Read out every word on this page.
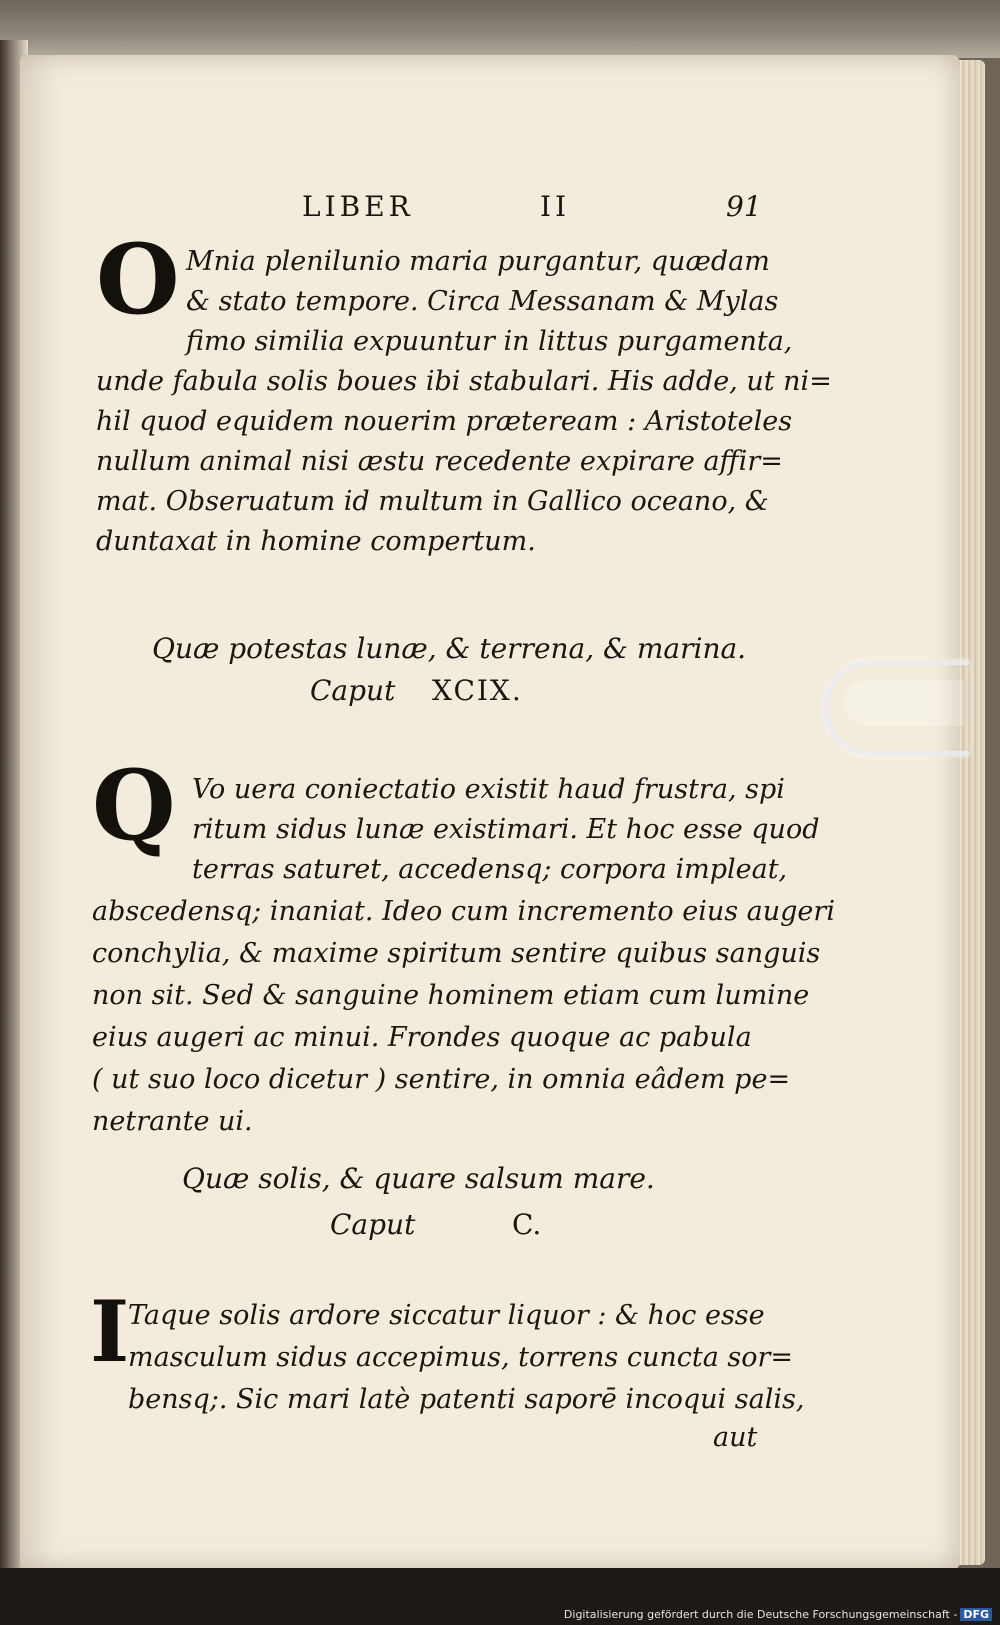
LIBER	II	91
O Mnia plenilunio maria purgantur, quædam
& stato tempore. Circa Messanam & Mylas
fimo similia expuuntur in littus purgamenta,
unde fabula solis boues ibi stabulari. His adde, ut ni=
hil quod equidem nouerim præteream : Aristoteles
nullum animal nisi æstu recedente expirare affir=
mat. Obseruatum id multum in Gallico oceano, &
duntaxat in homine compertum.
Quæ potestas lunæ, & terrena, & marina.
Caput XCIX.
Q Vo uera coniectatio existit haud frustra, spi
ritum sidus lunæ existimari. Et hoc esse quod
terras saturet, accedensq; corpora impleat,
abscedensq; inaniat. Ideo cum incremento eius augeri
conchylia, & maxime spiritum sentire quibus sanguis
non sit. Sed & sanguine hominem etiam cum lumine
eius augeri ac minui. Frondes quoque ac pabula
( ut suo loco dicetur ) sentire, in omnia eâdem pe=
netrante ui.
Quæ solis, & quare salsum mare.
Caput	C.
I
Taque solis ardore siccatur liquor : & hoc esse
masculum sidus accepimus, torrens cuncta sor=
bensq;. Sic mari latè patenti saporē incoqui salis,
aut
Digitalisierung gefördert durch die Deutsche Forschungsgemeinschaft - DFG
